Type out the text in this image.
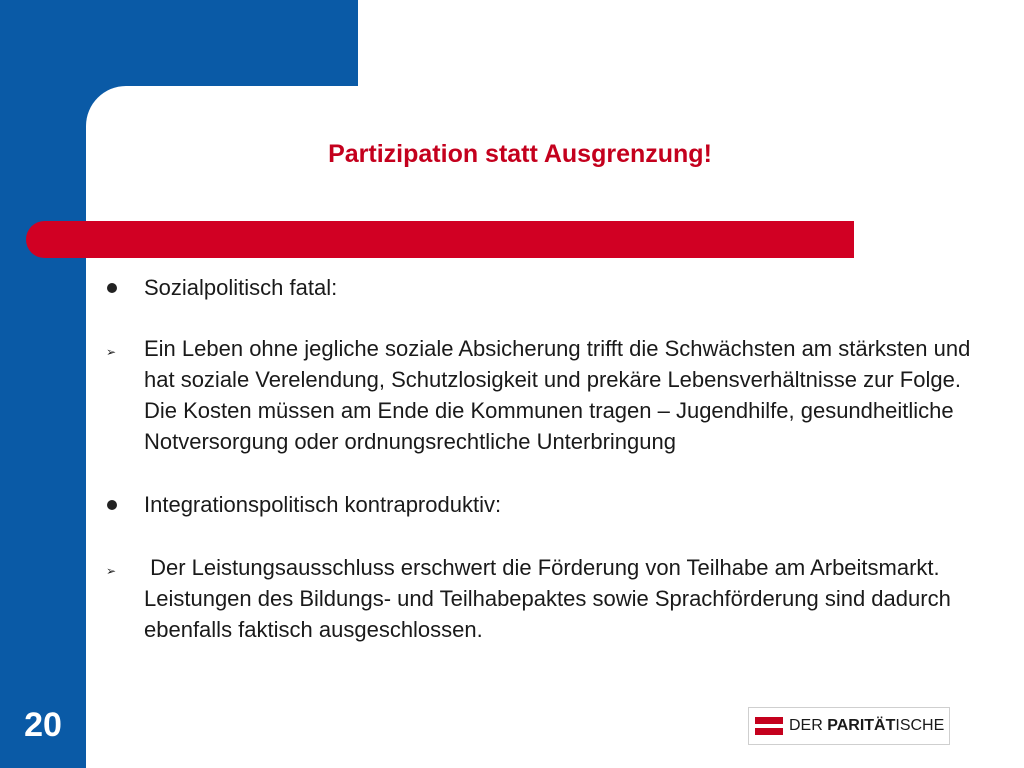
Partizipation statt Ausgrenzung!
Sozialpolitisch fatal:
➢ Ein Leben ohne jegliche soziale Absicherung trifft die Schwächsten am stärksten und hat soziale Verelendung, Schutzlosigkeit und prekäre Lebensverhältnisse zur Folge. Die Kosten müssen am Ende die Kommunen tragen – Jugendhilfe, gesundheitliche Notversorgung oder ordnungsrechtliche Unterbringung
Integrationspolitisch kontraproduktiv:
➢ Der Leistungsausschluss erschwert die Förderung von Teilhabe am Arbeitsmarkt. Leistungen des Bildungs- und Teilhabepaktes sowie Sprachförderung sind dadurch ebenfalls faktisch ausgeschlossen.
20	DER PARITÄTISCHE
